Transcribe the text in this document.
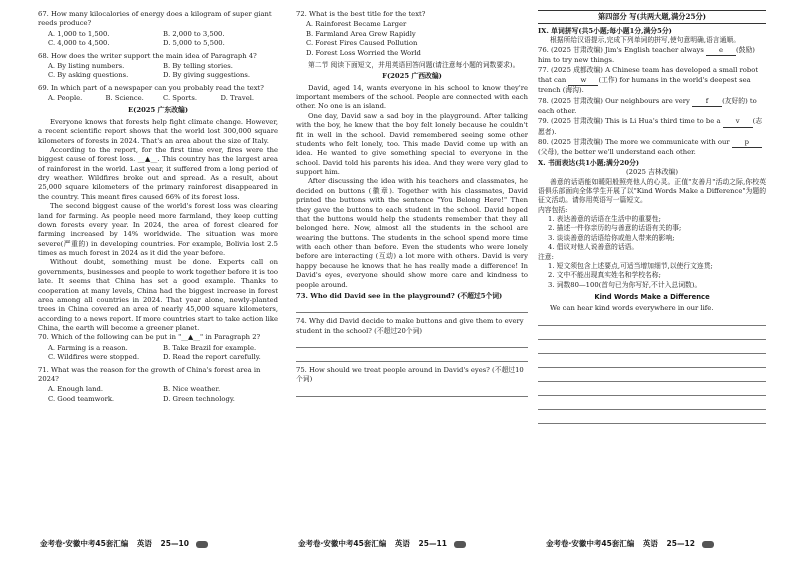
67. How many kilocalories of energy does a kilogram of super giant reeds produce?
A. 1,000 to 1,500.	B. 2,000 to 3,500.
C. 4,000 to 4,500.	D. 5,000 to 5,500.
68. How does the writer support the main idea of Paragraph 4?
A. By listing numbers.	B. By telling stories.
C. By asking questions.	D. By giving suggestions.
69. In which part of a newspaper can you probably read the text?
A. People.	B. Science.	C. Sports.	D. Travel.
E(2025 广东改编)

Everyone knows that forests help fight climate change. However, a recent scientific report shows that the world lost 300,000 square kilometers of forests in 2024. That's an area about the size of Italy.

According to the report, for the first time ever, fires were the biggest cause of forest loss. __▲__. This country has the largest area of rainforest in the world. Last year, it suffered from a long period of dry weather. Wildfires broke out and spread. As a result, about 25,000 square kilometers of the primary rainforest disappeared in the country. This meant fires caused 66% of its forest loss.

The second biggest cause of the world's forest loss was clearing land for farming. As people need more farmland, they keep cutting down forests every year. In 2024, the area of forest cleared for farming increased by 14% worldwide. The situation was more severe(严重的) in developing countries. For example, Bolivia lost 2.5 times as much forest in 2024 as it did the year before.

Without doubt, something must be done. Experts call on governments, businesses and people to work together before it is too late. It seems that China has set a good example. Thanks to cooperation at many levels, China had the biggest increase in forest area among all countries in 2024. That year alone, newly-planted trees in China covered an area of nearly 45,000 square kilometers, according to a news report. If more countries start to take action like China, the earth will become a greener planet.

70. Which of the following can be put in "__▲__" in Paragraph 2?
A. Farming is a reason.	B. Take Brazil for example.
C. Wildfires were stopped.	D. Read the report carefully.
71. What was the reason for the growth of China's forest area in 2024?
A. Enough land.	B. Nice weather.
C. Good teamwork.	D. Green technology.
72. What is the best title for the text?
A. Rainforest Became Larger
B. Farmland Area Grew Rapidly
C. Forest Fires Caused Pollution
D. Forest Loss Worried the World

第二节 阅读下面短文，并用英语回答问题(请注意每小题的词数要求)。

F(2025 广西改编)

David, aged 14, wants everyone in his school to know they're important members of the school. People are connected with each other. No one is an island.

One day, David saw a sad boy in the playground. After talking with the boy, he knew that the boy felt lonely because he couldn't fit in well in the school. David remembered seeing some other students who felt lonely, too. This made David come up with an idea. He wanted to give something special to everyone in the school. David told his parents his idea. And they were very glad to support him.

After discussing the idea with his teachers and classmates, he decided on buttons (徽章). Together with his classmates, David printed the buttons with the sentence "You Belong Here!" Then they gave the buttons to each student in the school. David hoped that the buttons would help the students remember that they all belonged here. Now, almost all the students in the school are wearing the buttons. The students in the school spend more time with each other than before. Even the students who were lonely before are interacting (互动) a lot more with others. David is very happy because he knows that he has really made a difference! In David's eyes, everyone should show more care and kindness to people around.

73. Who did David see in the playground? (不超过5个词)
74. Why did David decide to make buttons and give them to every student in the school? (不超过20个词)
75. How should we treat people around in David's eyes? (不超过10个词)
第四部分 写(共两大题,满分25分)
IX. 单词拼写(共5小题;每小题1分,满分5分)

根据所给汉语提示,完成下列单词的拼写,使句意明确,语言通顺。

76. (2025 甘肃改编) Jim's English teacher always e (鼓励) him to try new things.
77. (2025 成都改编) A Chinese team has developed a small robot that can w (工作) for humans in the world's deepest sea trench (海沟).
78. (2025 甘肃改编) Our neighbours are very f (友好的) to each other.
79. (2025 甘肃改编) This is Li Hua's third time to be a v (志愿者).
80. (2025 甘肃改编) The more we communicate with our p(父母), the better we'll understand each other.
X. 书面表达(共1小题;满分20分)
(2025 吉林改编)

善意的话语能如暖阳般照亮他人的心灵。正值"友善月"活动之际,你校英语俱乐部面向全体学生开展了以"Kind Words Make a Difference"为题的征文活动。请你用英语写一篇短文。

内容包括:
1. 表达善意的话语在生活中的重要性;
2. 描述一件你亲历的与善意的话语有关的事;
3. 谈谈善意的话语给你或他人带来的影响;
4. 倡议对他人说善意的话语。
注意:
1. 短文须包含上述要点,可适当增加细节,以使行文连贯;
2. 文中不能出现真实姓名和学校名称;
3. 词数80—100(首句已为你写好,不计入总词数)。
Kind Words Make a Difference
We can hear kind words everywhere in our life.
金考卷·安徽中考45套汇编 英语 25—10	金考卷·安徽中考45套汇编 英语 25—11	金考卷·安徽中考45套汇编 英语 25—12
